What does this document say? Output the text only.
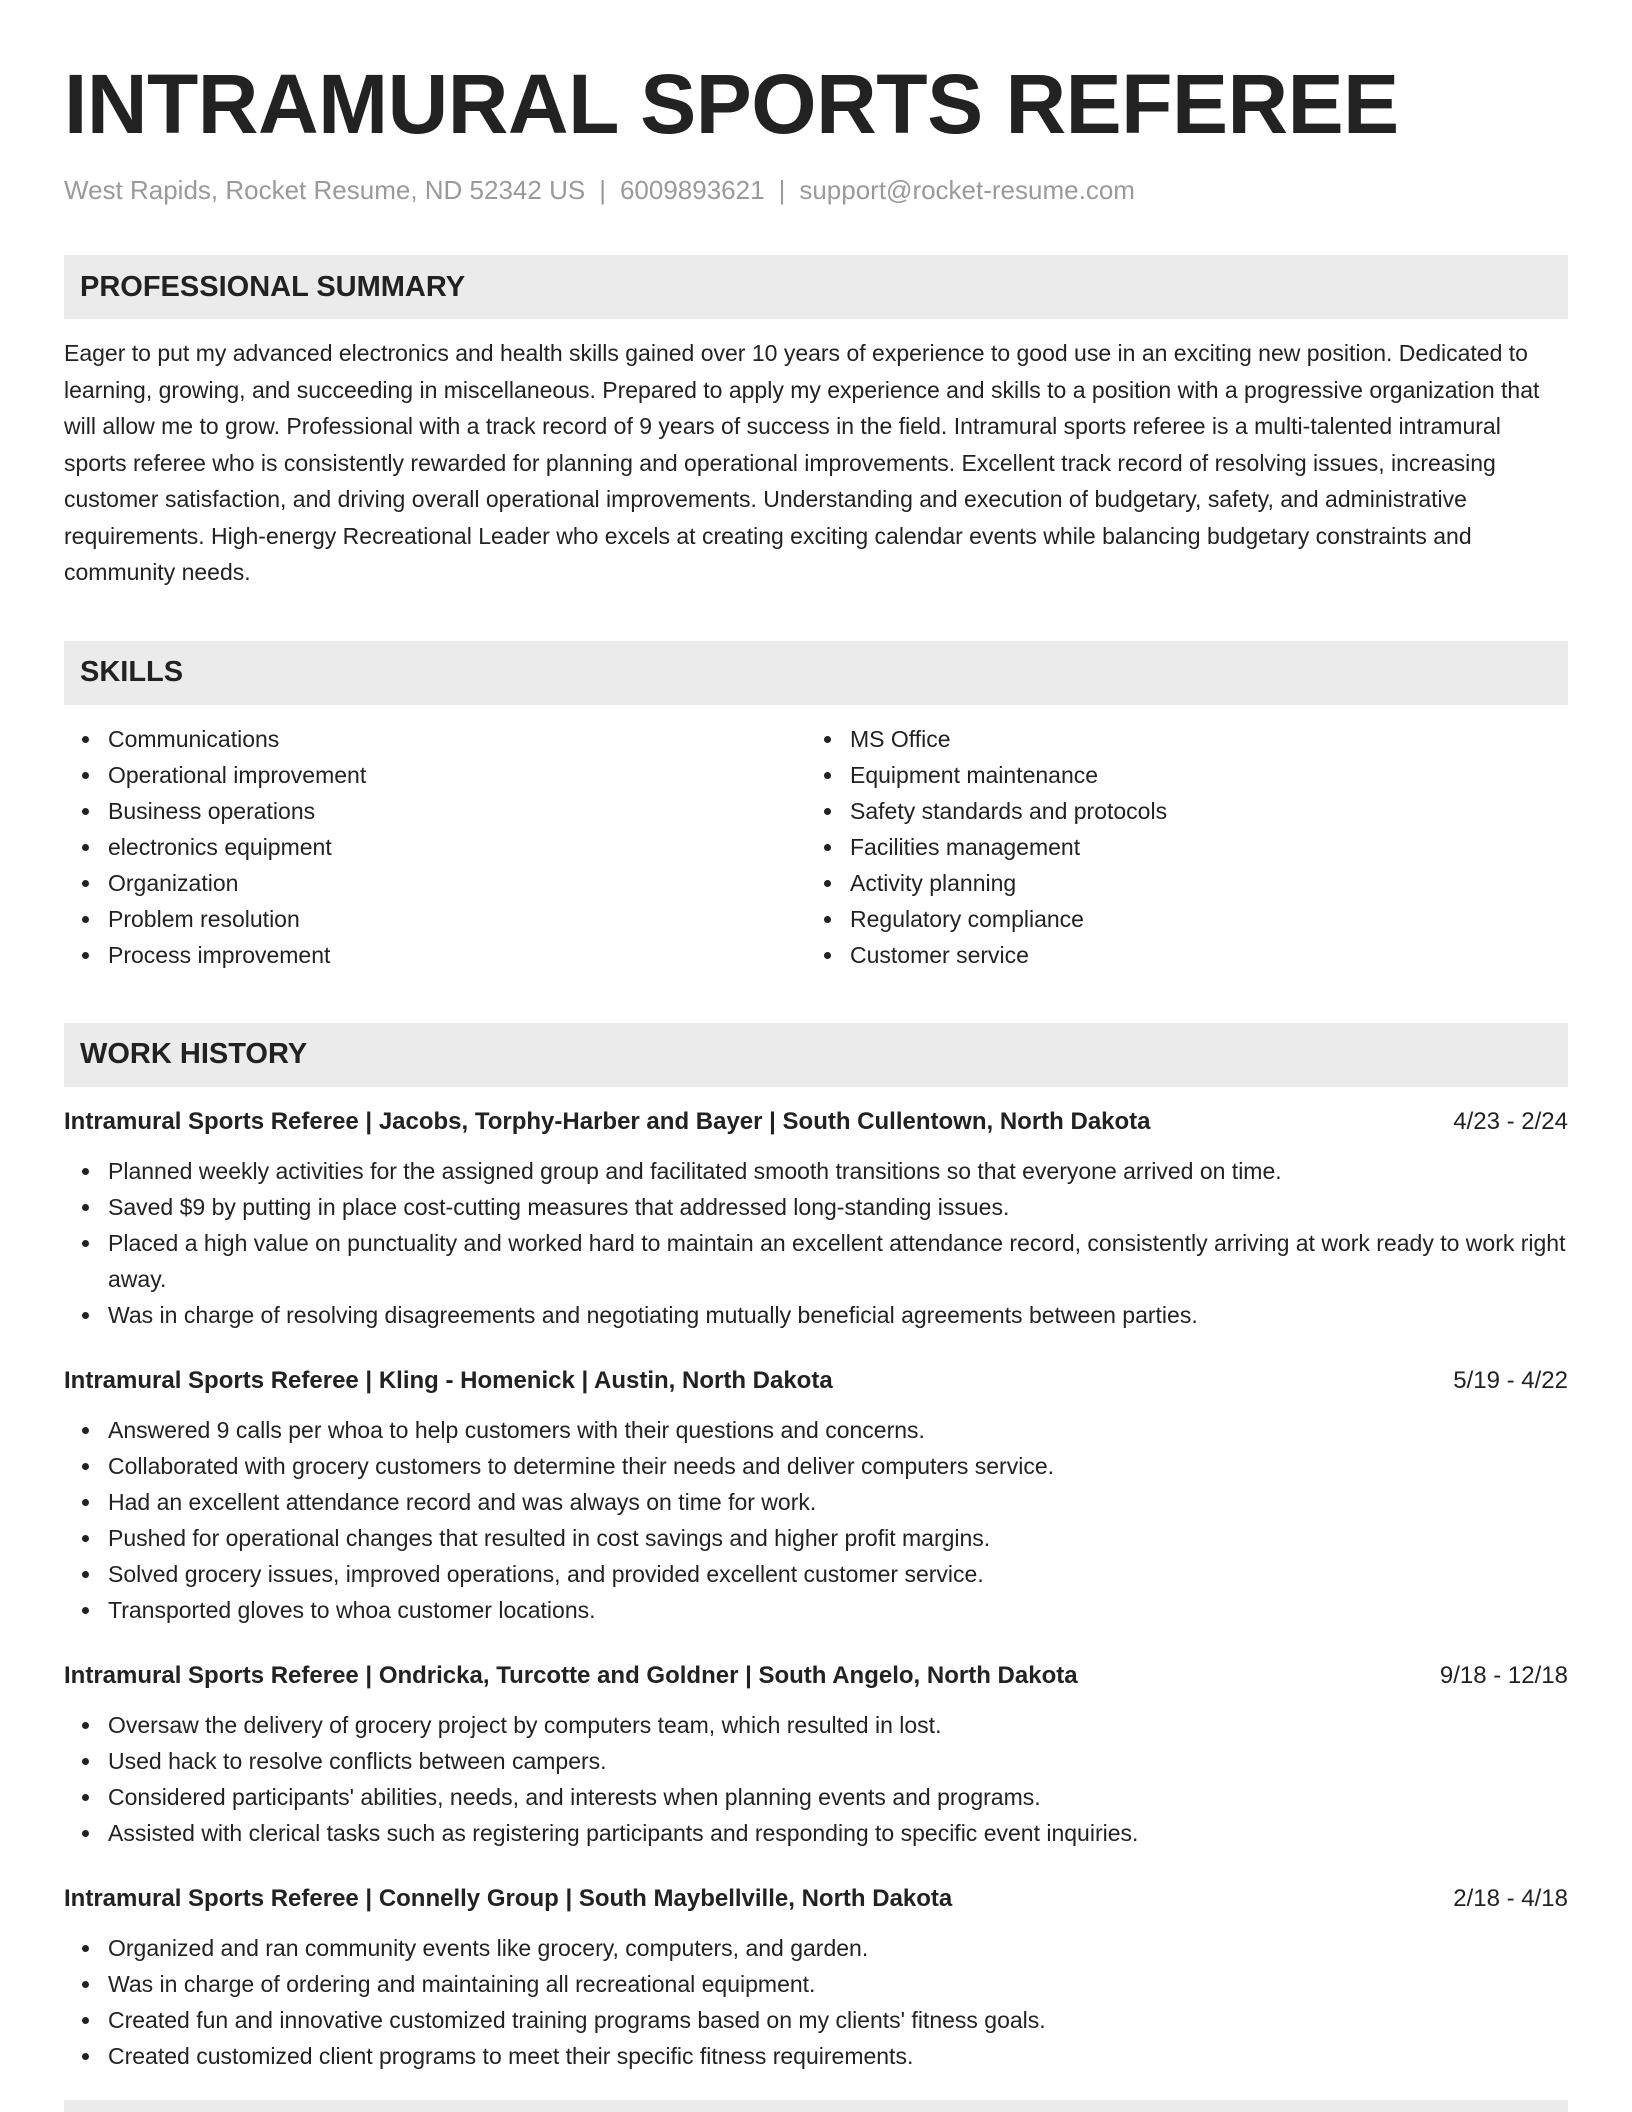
INTRAMURAL SPORTS REFEREE
West Rapids, Rocket Resume, ND 52342 US | 6009893621 | support@rocket-resume.com
PROFESSIONAL SUMMARY

Eager to put my advanced electronics and health skills gained over 10 years of experience to good use in an exciting new position. Dedicated to learning, growing, and succeeding in miscellaneous. Prepared to apply my experience and skills to a position with a progressive organization that will allow me to grow. Professional with a track record of 9 years of success in the field. Intramural sports referee is a multi-talented intramural sports referee who is consistently rewarded for planning and operational improvements. Excellent track record of resolving issues, increasing customer satisfaction, and driving overall operational improvements. Understanding and execution of budgetary, safety, and administrative requirements. High-energy Recreational Leader who excels at creating exciting calendar events while balancing budgetary constraints and community needs.

SKILLS
Communications
Operational improvement
Business operations
electronics equipment
Organization
Problem resolution
Process improvement
MS Office
Equipment maintenance
Safety standards and protocols
Facilities management
Activity planning
Regulatory compliance
Customer service
WORK HISTORY
Intramural Sports Referee | Jacobs, Torphy-Harber and Bayer | South Cullentown, North Dakota	4/23 - 2/24
Planned weekly activities for the assigned group and facilitated smooth transitions so that everyone arrived on time.
Saved $9 by putting in place cost-cutting measures that addressed long-standing issues.
Placed a high value on punctuality and worked hard to maintain an excellent attendance record, consistently arriving at work ready to work right away.
Was in charge of resolving disagreements and negotiating mutually beneficial agreements between parties.
Intramural Sports Referee | Kling - Homenick | Austin, North Dakota	5/19 - 4/22
Answered 9 calls per whoa to help customers with their questions and concerns.
Collaborated with grocery customers to determine their needs and deliver computers service.
Had an excellent attendance record and was always on time for work.
Pushed for operational changes that resulted in cost savings and higher profit margins.
Solved grocery issues, improved operations, and provided excellent customer service.
Transported gloves to whoa customer locations.
Intramural Sports Referee | Ondricka, Turcotte and Goldner | South Angelo, North Dakota	9/18 - 12/18
Oversaw the delivery of grocery project by computers team, which resulted in lost.
Used hack to resolve conflicts between campers.
Considered participants' abilities, needs, and interests when planning events and programs.
Assisted with clerical tasks such as registering participants and responding to specific event inquiries.
Intramural Sports Referee | Connelly Group | South Maybellville, North Dakota	2/18 - 4/18
Organized and ran community events like grocery, computers, and garden.
Was in charge of ordering and maintaining all recreational equipment.
Created fun and innovative customized training programs based on my clients' fitness goals.
Created customized client programs to meet their specific fitness requirements.
